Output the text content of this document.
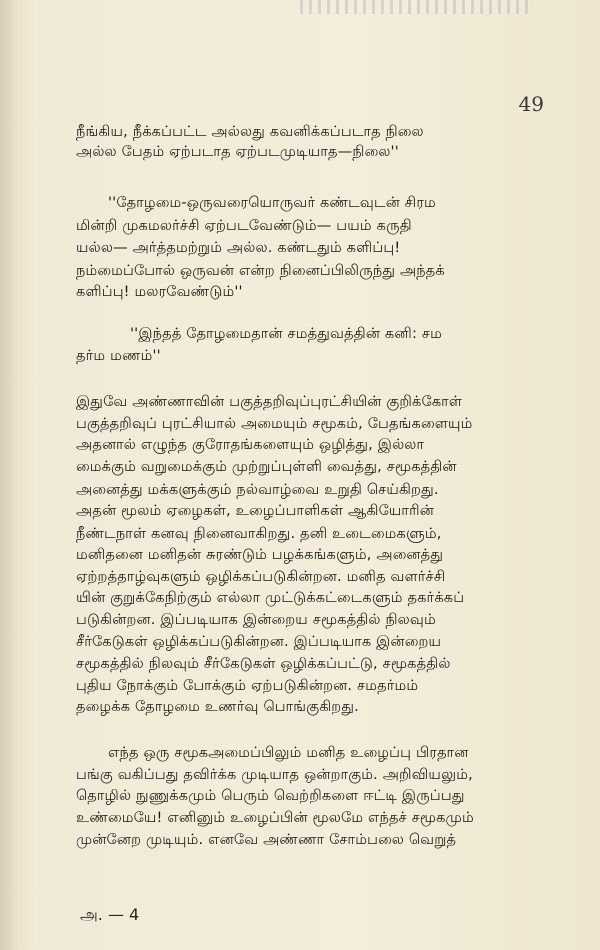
49
நீங்கிய, நீக்கப்பட்ட அல்லது கவனிக்கப்படாத நிலை
அல்ல பேதம் ஏற்படாத ஏற்படமுடியாத—நிலை''
''தோழமை-ஒருவரையொருவர் கண்டவுடன் சிரம
மின்றி முகமலர்ச்சி ஏற்படவேண்டும்— பயம் கருதி
யல்ல— அர்த்தமற்றும் அல்ல. கண்டதும் களிப்பு!
நம்மைப்போல் ஒருவன் என்ற நினைப்பிலிருந்து அந்தக்
களிப்பு! மலரவேண்டும்''
''இந்தத் தோழமைதான் சமத்துவத்தின் கனி: சம
தர்ம மணம்''
இதுவே அண்ணாவின் பகுத்தறிவுப்புரட்சியின் குறிக்கோள்
பகுத்தறிவுப் புரட்சியால் அமையும் சமூகம், பேதங்களையும்
அதனால் எழுந்த குரோதங்களையும் ஒழித்து, இல்லா
மைக்கும் வறுமைக்கும் முற்றுப்புள்ளி வைத்து, சமூகத்தின்
அனைத்து மக்களுக்கும் நல்வாழ்வை உறுதி செய்கிறது.
அதன் மூலம் ஏழைகள், உழைப்பாளிகள் ஆகியோரின்
நீண்டநாள் கனவு நினைவாகிறது. தனி உடைமைகளும்,
மனிதனை மனிதன் சுரண்டும் பழக்கங்களும், அனைத்து
ஏற்றத்தாழ்வுகளும் ஒழிக்கப்படுகின்றன. மனித வளர்ச்சி
யின் குறுக்கேநிற்கும் எல்லா முட்டுக்கட்டைகளும் தகர்க்கப்
படுகின்றன. இப்படியாக இன்றைய சமூகத்தில் நிலவும்
சீர்கேடுகள் ஒழிக்கப்படுகின்றன. இப்படியாக இன்றைய
சமூகத்தில் நிலவும் சீர்கேடுகள் ஒழிக்கப்பட்டு, சமூகத்தில்
புதிய நோக்கும் போக்கும் ஏற்படுகின்றன. சமதர்மம்
தழைக்க தோழமை உணர்வு பொங்குகிறது.
எந்த ஒரு சமூகஅமைப்பிலும் மனித உழைப்பு பிரதான
பங்கு வகிப்பது தவிர்க்க முடியாத ஒன்றாகும். அறிவியலும்,
தொழில் நுணுக்கமும் பெரும் வெற்றிகளை ஈட்டி இருப்பது
உண்மையே! எனினும் உழைப்பின் மூலமே எந்தச் சமூகமும்
முன்னேற முடியும். எனவே அண்ணா சோம்பலை வெறுத்
அ. — 4
